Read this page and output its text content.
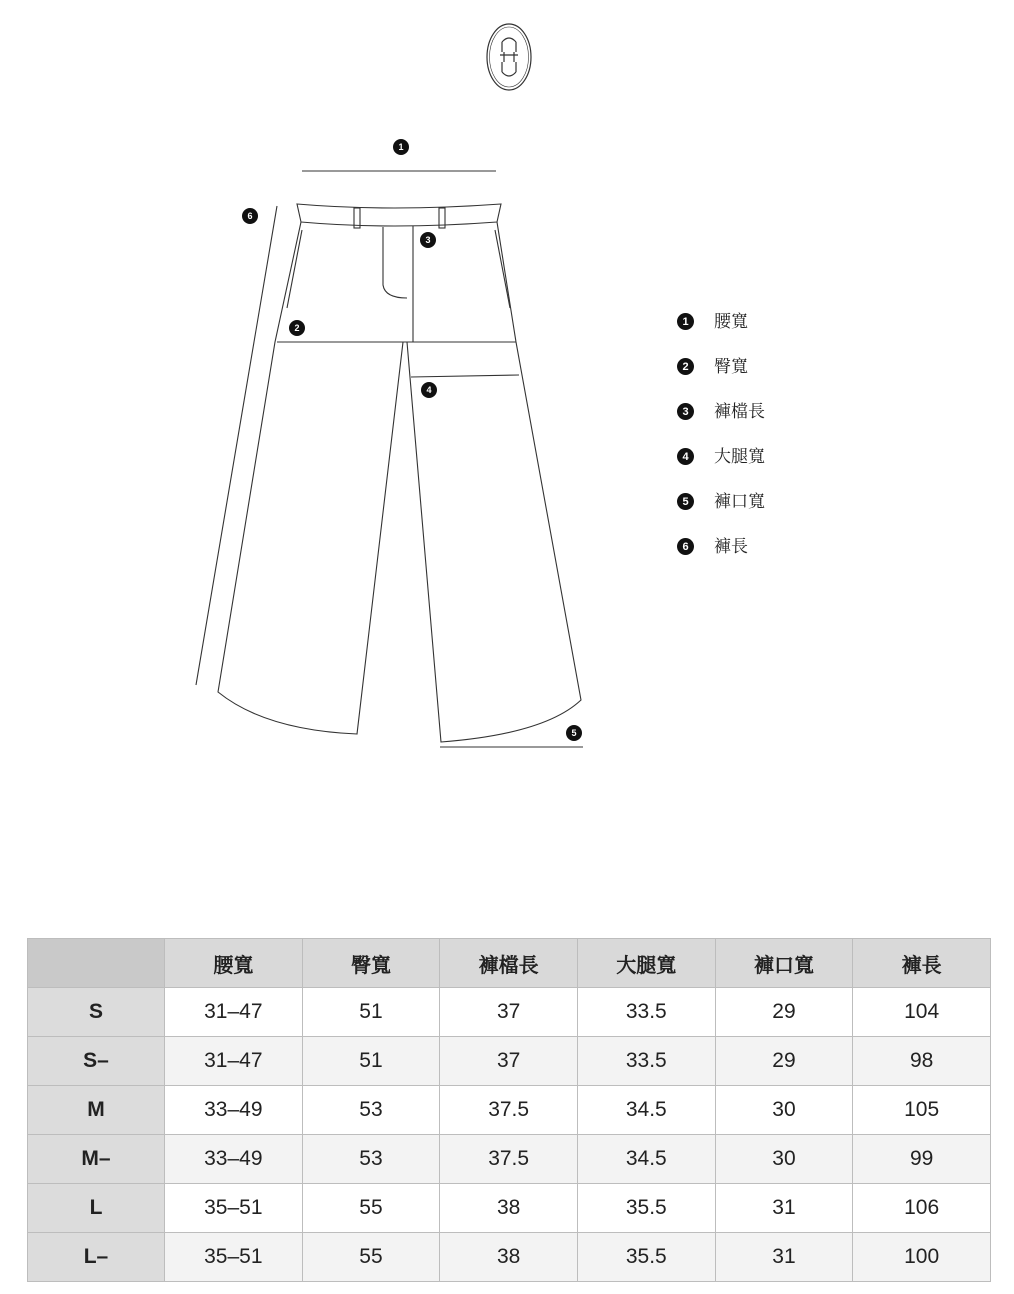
1
6
3
2
4
5
1	腰寬
2	臀寬
3	褲檔長
4	大腿寬
5	褲口寬
6	褲長
	腰寬	臀寬	褲檔長	大腿寬	褲口寬	褲長
S	31–47	51	37	33.5	29	104
S–	31–47	51	37	33.5	29	98
M	33–49	53	37.5	34.5	30	105
M–	33–49	53	37.5	34.5	30	99
L	35–51	55	38	35.5	31	106
L–	35–51	55	38	35.5	31	100
